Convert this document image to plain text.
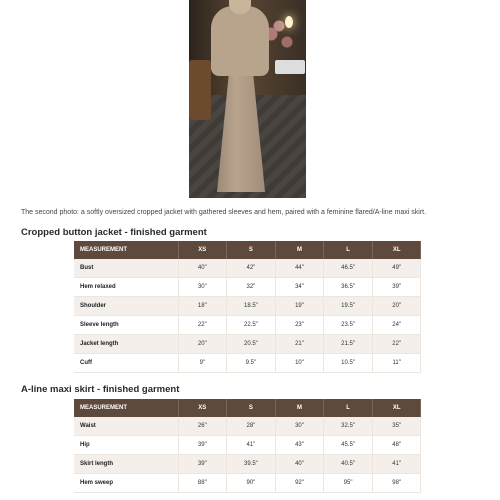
The second photo: a softly oversized cropped jacket with gathered sleeves and hem, paired with a feminine flared/A-line maxi skirt.

Cropped button jacket - finished garment
MEASUREMENT	XS	S	M	L	XL
Bust	40"	42"	44"	46.5"	49"
Hem relaxed	30"	32"	34"	36.5"	39"
Shoulder	18"	18.5"	19"	19.5"	20"
Sleeve length	22"	22.5"	23"	23.5"	24"
Jacket length	20"	20.5"	21"	21.5"	22"
Cuff	9"	9.5"	10"	10.5"	11"
A-line maxi skirt - finished garment
MEASUREMENT	XS	S	M	L	XL
Waist	26"	28"	30"	32.5"	35"
Hip	39"	41"	43"	45.5"	48"
Skirt length	39"	39.5"	40"	40.5"	41"
Hem sweep	88"	90"	92"	95"	98"
